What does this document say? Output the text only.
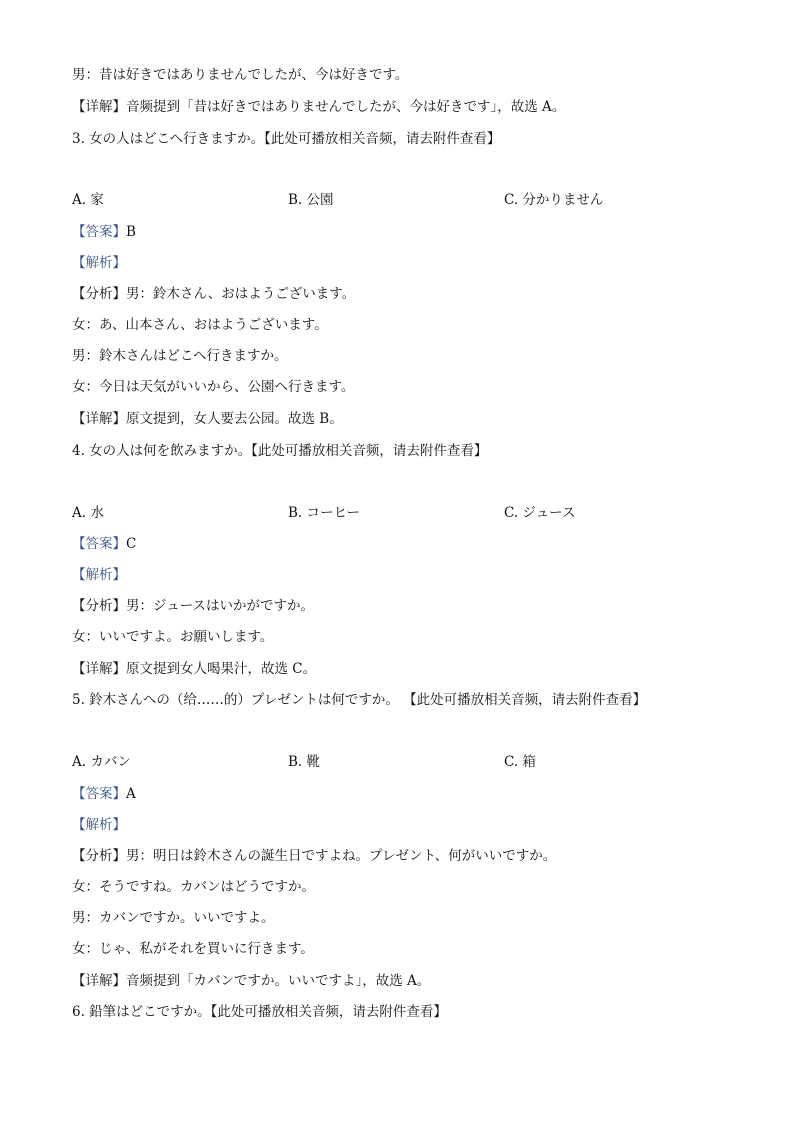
男：昔は好きではありませんでしたが、今は好きです。
【详解】音频提到「昔は好きではありませんでしたが、今は好きです」，故选 A。
3. 女の人はどこへ行きますか。【此处可播放相关音频，请去附件查看】
A. 家	B. 公園	C. 分かりません
【答案】B
【解析】
【分析】男：鈴木さん、おはようございます。
女：あ、山本さん、おはようございます。
男：鈴木さんはどこへ行きますか。
女：今日は天気がいいから、公園へ行きます。
【详解】原文提到，女人要去公园。故选 B。
4. 女の人は何を飲みますか。【此处可播放相关音频，请去附件查看】
A. 水	B. コーヒー	C. ジュース
【答案】C
【解析】
【分析】男：ジュースはいかがですか。
女：いいですよ。お願いします。
【详解】原文提到女人喝果汁，故选 C。
5. 鈴木さんへの（给……的）プレゼントは何ですか。 【此处可播放相关音频，请去附件查看】
A. カバン	B. 靴	C. 箱
【答案】A
【解析】
【分析】男：明日は鈴木さんの誕生日ですよね。プレゼント、何がいいですか。
女：そうですね。カバンはどうですか。
男：カバンですか。いいですよ。
女：じゃ、私がそれを買いに行きます。
【详解】音频提到「カバンですか。いいですよ」，故选 A。
6. 鉛筆はどこですか。【此处可播放相关音频，请去附件查看】
